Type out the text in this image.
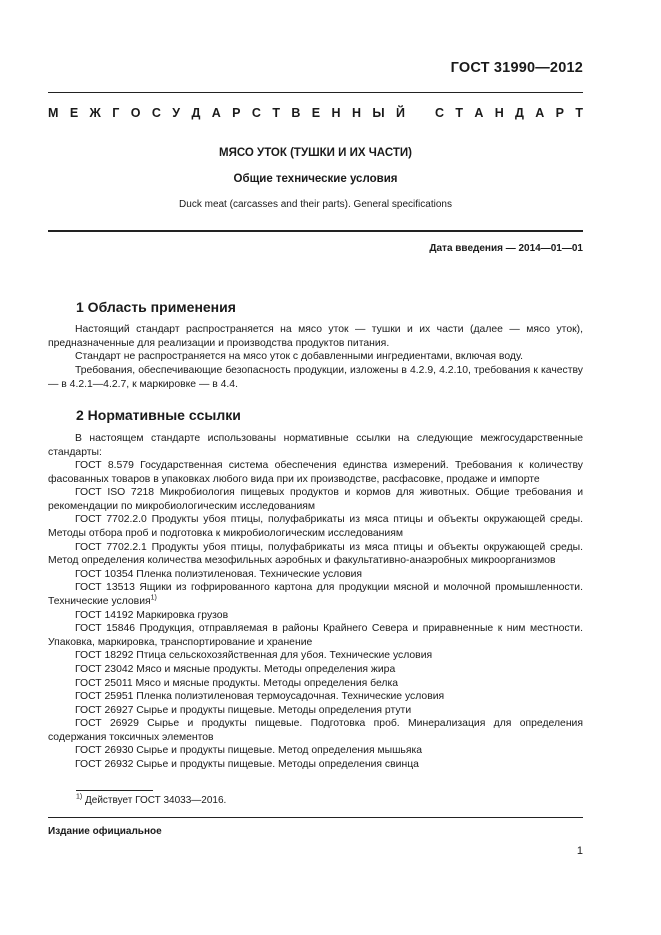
ГОСТ 31990—2012
М Е Ж Г О С У Д А Р С Т В Е Н Н Ы Й С Т А Н Д А Р Т
МЯСО УТОК (ТУШКИ И ИХ ЧАСТИ)
Общие технические условия
Duck meat (carcasses and their parts). General specifications
Дата введения — 2014—01—01
1 Область применения

Настоящий стандарт распространяется на мясо уток — тушки и их части (далее — мясо уток), предназначенные для реализации и производства продуктов питания.

Стандарт не распространяется на мясо уток с добавленными ингредиентами, включая воду.

Требования, обеспечивающие безопасность продукции, изложены в 4.2.9, 4.2.10, требования к качеству — в 4.2.1—4.2.7, к маркировке — в 4.4.

2 Нормативные ссылки

В настоящем стандарте использованы нормативные ссылки на следующие межгосударственные стандарты:

ГОСТ 8.579 Государственная система обеспечения единства измерений. Требования к количеству фасованных товаров в упаковках любого вида при их производстве, расфасовке, продаже и импорте

ГОСТ ISO 7218 Микробиология пищевых продуктов и кормов для животных. Общие требования и рекомендации по микробиологическим исследованиям

ГОСТ 7702.2.0 Продукты убоя птицы, полуфабрикаты из мяса птицы и объекты окружающей среды. Методы отбора проб и подготовка к микробиологическим исследованиям

ГОСТ 7702.2.1 Продукты убоя птицы, полуфабрикаты из мяса птицы и объекты окружающей среды. Метод определения количества мезофильных аэробных и факультативно-анаэробных микроорганизмов

ГОСТ 10354 Пленка полиэтиленовая. Технические условия

ГОСТ 13513 Ящики из гофрированного картона для продукции мясной и молочной промышленности. Технические условия$^{1)}$

ГОСТ 14192 Маркировка грузов

ГОСТ 15846 Продукция, отправляемая в районы Крайнего Севера и приравненные к ним местности. Упаковка, маркировка, транспортирование и хранение

ГОСТ 18292 Птица сельскохозяйственная для убоя. Технические условия

ГОСТ 23042 Мясо и мясные продукты. Методы определения жира

ГОСТ 25011 Мясо и мясные продукты. Методы определения белка

ГОСТ 25951 Пленка полиэтиленовая термоусадочная. Технические условия

ГОСТ 26927 Сырье и продукты пищевые. Методы определения ртути

ГОСТ 26929 Сырье и продукты пищевые. Подготовка проб. Минерализация для определения содержания токсичных элементов

ГОСТ 26930 Сырье и продукты пищевые. Метод определения мышьяка

ГОСТ 26932 Сырье и продукты пищевые. Методы определения свинца

$^{1)}$ Действует ГОСТ 34033—2016.
Издание официальное
1
